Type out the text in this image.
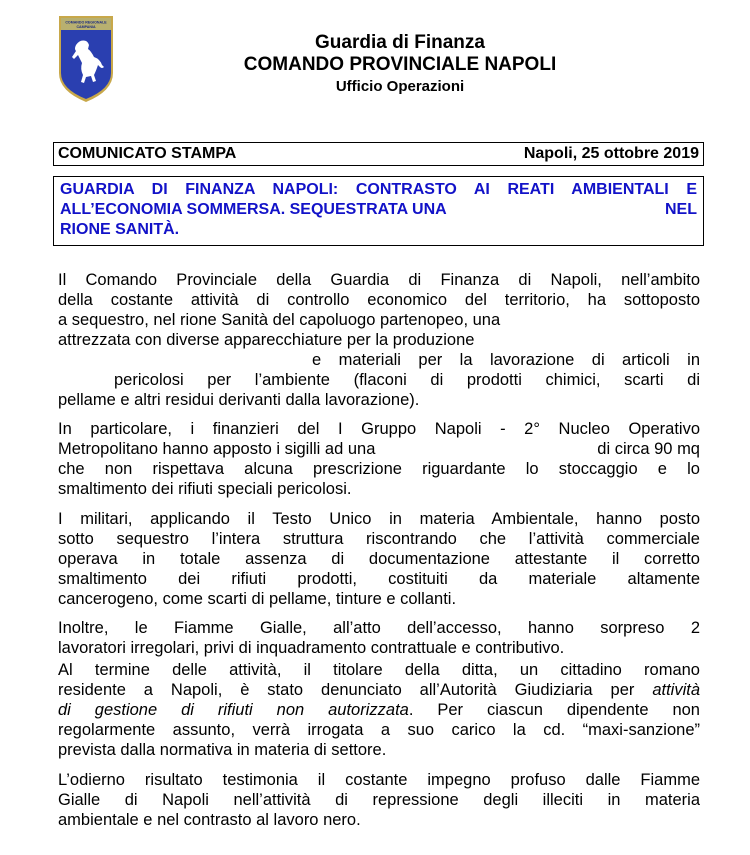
COMANDO REGIONALE
CAMPANIA
Guardia di Finanza
COMANDO PROVINCIALE NAPOLI
Ufficio Operazioni
COMUNICATO STAMPA	Napoli, 25 ottobre 2019
GUARDIA DI FINANZA NAPOLI: CONTRASTO AI REATI AMBIENTALI E
ALL’ECONOMIA SOMMERSA. SEQUESTRATA UNA	NEL
RIONE SANITÀ.
Il Comando Provinciale della Guardia di Finanza di Napoli, nell’ambito
della costante attività di controllo economico del territorio, ha sottoposto
a sequestro, nel rione Sanità del capoluogo partenopeo, una
attrezzata con diverse apparecchiature per la produzione
e materiali per la lavorazione di articoli in
pericolosi per l’ambiente (flaconi di prodotti chimici, scarti di
pellame e altri residui derivanti dalla lavorazione).
In particolare, i finanzieri del I Gruppo Napoli - 2° Nucleo Operativo
Metropolitano hanno apposto i sigilli ad una	di circa 90 mq
che non rispettava alcuna prescrizione riguardante lo stoccaggio e lo
smaltimento dei rifiuti speciali pericolosi.
I militari, applicando il Testo Unico in materia Ambientale, hanno posto
sotto sequestro l’intera struttura riscontrando che l’attività commerciale
operava in totale assenza di documentazione attestante il corretto
smaltimento dei rifiuti prodotti, costituiti da materiale altamente
cancerogeno, come scarti di pellame, tinture e collanti.
Inoltre, le Fiamme Gialle, all’atto dell’accesso, hanno sorpreso 2
lavoratori irregolari, privi di inquadramento contrattuale e contributivo.
Al termine delle attività, il titolare della ditta, un cittadino romano
residente a Napoli, è stato denunciato all’Autorità Giudiziaria per attività
di gestione di rifiuti non autorizzata. Per ciascun dipendente non
regolarmente assunto, verrà irrogata a suo carico la cd. “maxi-sanzione”
prevista dalla normativa in materia di settore.
L’odierno risultato testimonia il costante impegno profuso dalle Fiamme
Gialle di Napoli nell’attività di repressione degli illeciti in materia
ambientale e nel contrasto al lavoro nero.
